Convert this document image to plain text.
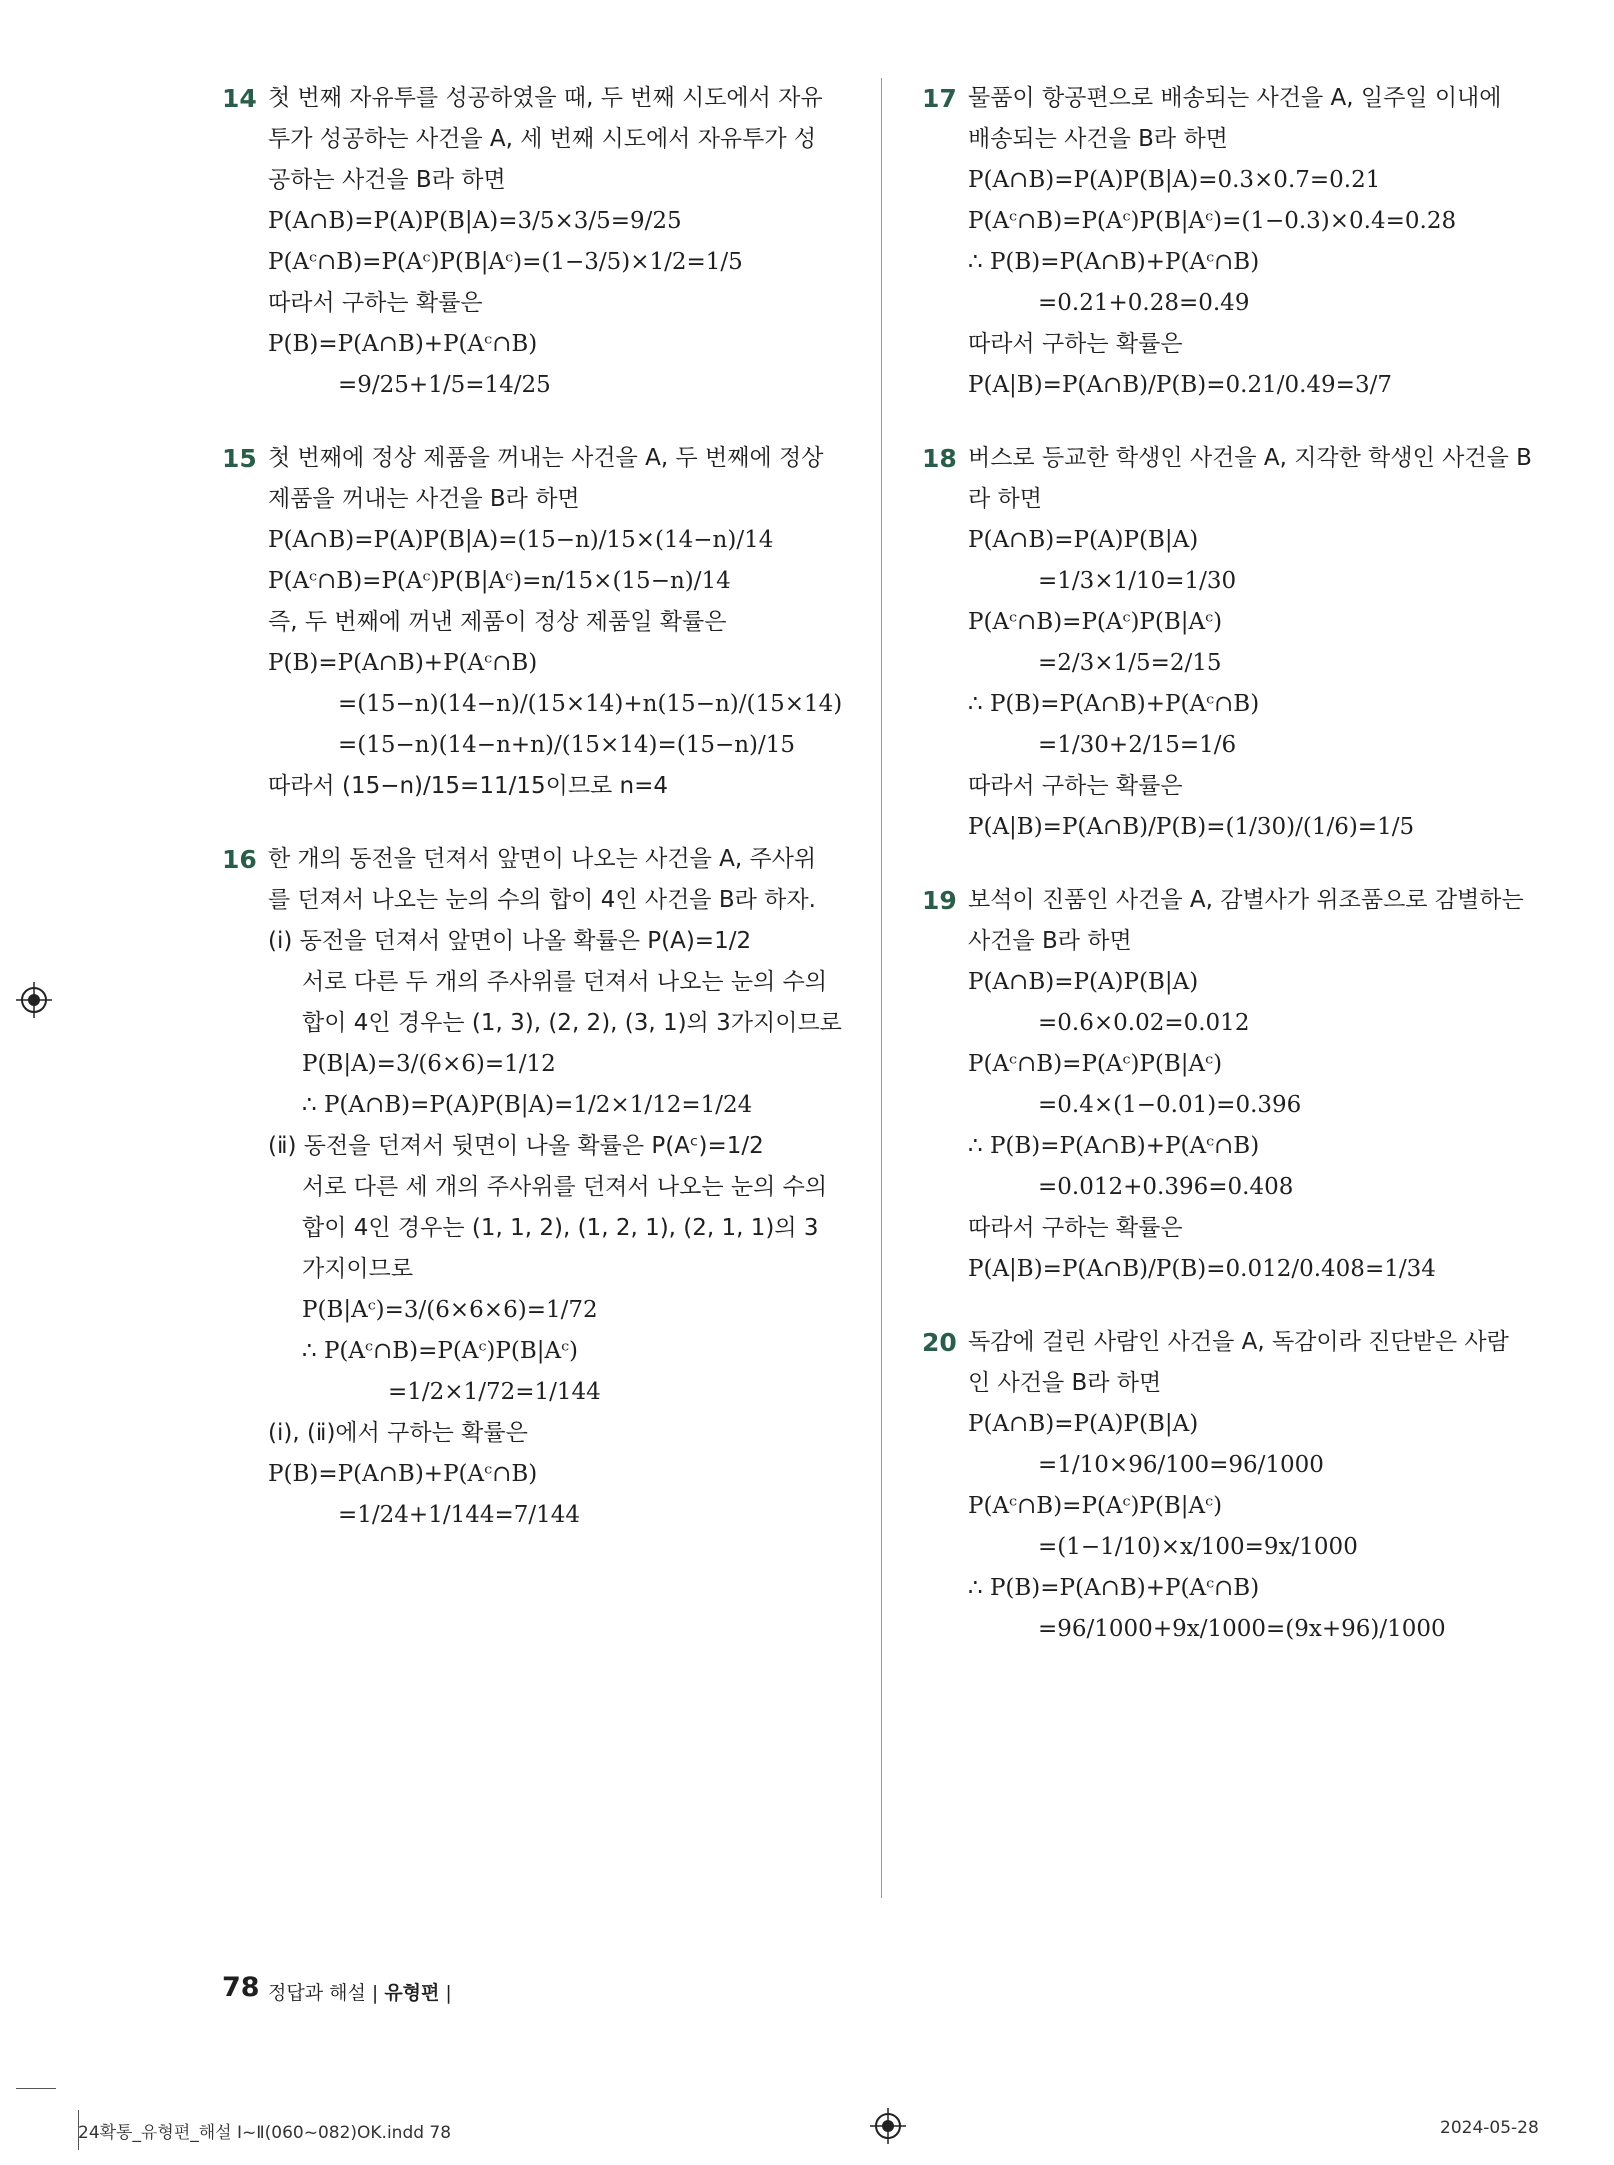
14 첫 번째 자유투를 성공하였을 때, 두 번째 시도에서 자유
투가 성공하는 사건을 A, 세 번째 시도에서 자유투가 성
공하는 사건을 B라 하면
P(A∩B)=P(A)P(B|A)=3/5×3/5=9/25
P(Aᶜ∩B)=P(Aᶜ)P(B|Aᶜ)=(1−3/5)×1/2=1/5
따라서 구하는 확률은
P(B)=P(A∩B)+P(Aᶜ∩B)
=9/25+1/5=14/25
15 첫 번째에 정상 제품을 꺼내는 사건을 A, 두 번째에 정상
제품을 꺼내는 사건을 B라 하면
P(A∩B)=P(A)P(B|A)=(15−n)/15×(14−n)/14
P(Aᶜ∩B)=P(Aᶜ)P(B|Aᶜ)=n/15×(15−n)/14
즉, 두 번째에 꺼낸 제품이 정상 제품일 확률은
P(B)=P(A∩B)+P(Aᶜ∩B)
=(15−n)(14−n)/(15×14)+n(15−n)/(15×14)
=(15−n)(14−n+n)/(15×14)=(15−n)/15
따라서 (15−n)/15=11/15이므로 n=4
16 한 개의 동전을 던져서 앞면이 나오는 사건을 A, 주사위
를 던져서 나오는 눈의 수의 합이 4인 사건을 B라 하자.
(ⅰ) 동전을 던져서 앞면이 나올 확률은 P(A)=1/2
서로 다른 두 개의 주사위를 던져서 나오는 눈의 수의
합이 4인 경우는 (1, 3), (2, 2), (3, 1)의 3가지이므로
P(B|A)=3/(6×6)=1/12
∴ P(A∩B)=P(A)P(B|A)=1/2×1/12=1/24
(ⅱ) 동전을 던져서 뒷면이 나올 확률은 P(Aᶜ)=1/2
서로 다른 세 개의 주사위를 던져서 나오는 눈의 수의
합이 4인 경우는 (1, 1, 2), (1, 2, 1), (2, 1, 1)의 3
가지이므로
P(B|Aᶜ)=3/(6×6×6)=1/72
∴ P(Aᶜ∩B)=P(Aᶜ)P(B|Aᶜ)
=1/2×1/72=1/144
(ⅰ), (ⅱ)에서 구하는 확률은
P(B)=P(A∩B)+P(Aᶜ∩B)
=1/24+1/144=7/144
17 물품이 항공편으로 배송되는 사건을 A, 일주일 이내에
배송되는 사건을 B라 하면
P(A∩B)=P(A)P(B|A)=0.3×0.7=0.21
P(Aᶜ∩B)=P(Aᶜ)P(B|Aᶜ)=(1−0.3)×0.4=0.28
∴ P(B)=P(A∩B)+P(Aᶜ∩B)
=0.21+0.28=0.49
따라서 구하는 확률은
P(A|B)=P(A∩B)/P(B)=0.21/0.49=3/7
18 버스로 등교한 학생인 사건을 A, 지각한 학생인 사건을 B
라 하면
P(A∩B)=P(A)P(B|A)
=1/3×1/10=1/30
P(Aᶜ∩B)=P(Aᶜ)P(B|Aᶜ)
=2/3×1/5=2/15
∴ P(B)=P(A∩B)+P(Aᶜ∩B)
=1/30+2/15=1/6
따라서 구하는 확률은
P(A|B)=P(A∩B)/P(B)=(1/30)/(1/6)=1/5
19 보석이 진품인 사건을 A, 감별사가 위조품으로 감별하는
사건을 B라 하면
P(A∩B)=P(A)P(B|A)
=0.6×0.02=0.012
P(Aᶜ∩B)=P(Aᶜ)P(B|Aᶜ)
=0.4×(1−0.01)=0.396
∴ P(B)=P(A∩B)+P(Aᶜ∩B)
=0.012+0.396=0.408
따라서 구하는 확률은
P(A|B)=P(A∩B)/P(B)=0.012/0.408=1/34
20 독감에 걸린 사람인 사건을 A, 독감이라 진단받은 사람
인 사건을 B라 하면
P(A∩B)=P(A)P(B|A)
=1/10×96/100=96/1000
P(Aᶜ∩B)=P(Aᶜ)P(B|Aᶜ)
=(1−1/10)×x/100=9x/1000
∴ P(B)=P(A∩B)+P(Aᶜ∩B)
=96/1000+9x/1000=(9x+96)/1000
78 정답과 해설 | 유형편 |
24확통_유형편_해설 Ⅰ~Ⅱ(060~082)OK.indd 78	2024-05-28
